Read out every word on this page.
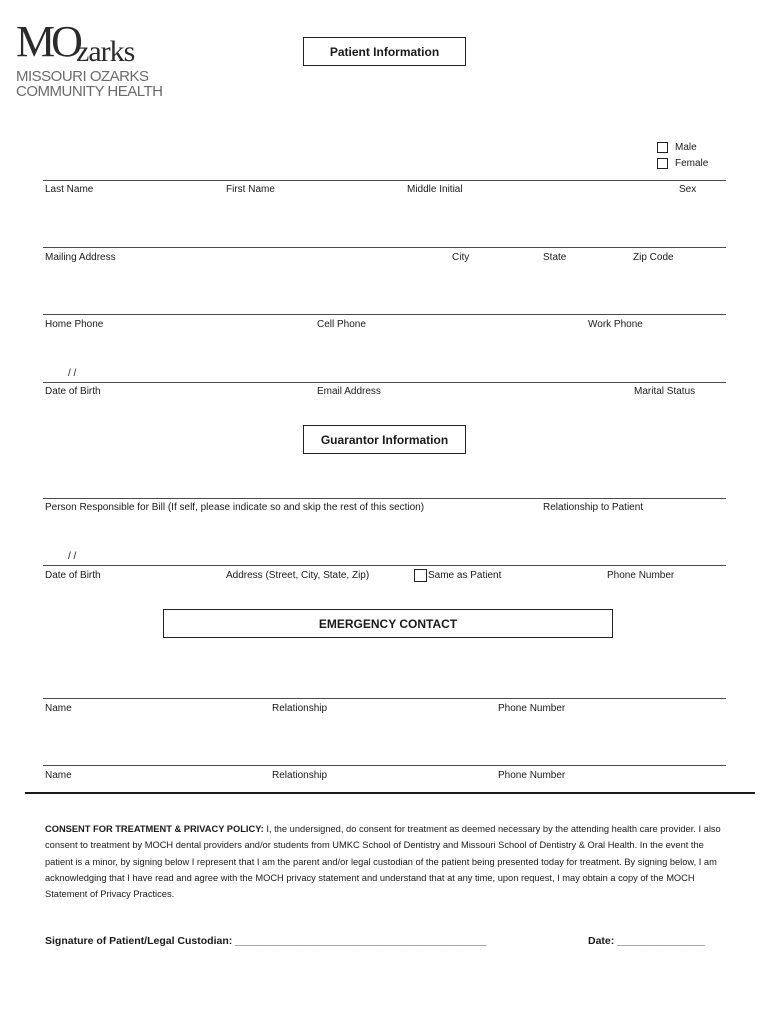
MO
zarks
MISSOURI OZARKS
COMMUNITY HEALTH
Patient Information
Male
Female
Last Name	First Name	Middle Initial	Sex
Mailing Address	City	State	Zip Code
Home Phone	Cell Phone	Work Phone
/ /
Date of Birth	Email Address	Marital Status
Guarantor Information
Person Responsible for Bill (If self, please indicate so and skip the rest of this section)	Relationship to Patient
/ /
Date of Birth	Address (Street, City, State, Zip)	Same as Patient	Phone Number
EMERGENCY CONTACT
Name	Relationship	Phone Number
Name	Relationship	Phone Number
CONSENT FOR TREATMENT & PRIVACY POLICY: I, the undersigned, do consent for treatment as deemed necessary by the attending health care provider. I also consent to treatment by MOCH dental providers and/or students from UMKC School of Dentistry and Missouri School of Dentistry & Oral Health. In the event the patient is a minor, by signing below I represent that I am the parent and/or legal custodian of the patient being presented today for treatment. By signing below, I am acknowledging that I have read and agree with the MOCH privacy statement and understand that at any time, upon request, I may obtain a copy of the MOCH Statement of Privacy Practices.
Signature of Patient/Legal Custodian: ___________________________________________	Date: _______________
